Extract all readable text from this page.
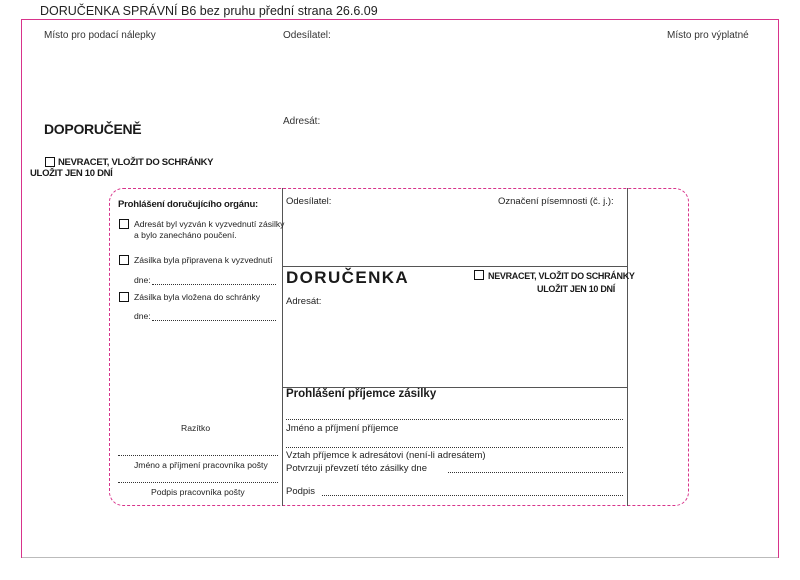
DORUČENKA SPRÁVNÍ B6 bez pruhu přední strana 26.6.09
Místo pro podací nálepky	Odesílatel:	Místo pro výplatné
Adresát:
DOPORUČENĚ
NEVRACET, VLOŽIT DO SCHRÁNKY
ULOŽIT JEN 10 DNÍ
Prohlášení doručujícího orgánu:
Adresát byl vyzván k vyzvednutí zásilky
a bylo zanecháno poučení.
Zásilka byla připravena k vyzvednutí
dne:
Zásilka byla vložena do schránky
dne:
Razítko
Jméno a příjmení pracovníka pošty
Podpis pracovníka pošty
Odesílatel:	Označení písemnosti (č. j.):
DORUČENKA	NEVRACET, VLOŽIT DO SCHRÁNKY
ULOŽIT JEN 10 DNÍ
Adresát:
Prohlášení příjemce zásilky
Jméno a příjmení příjemce
Vztah příjemce k adresátovi (není-li adresátem)
Potvrzuji převzetí této zásilky dne
Podpis
